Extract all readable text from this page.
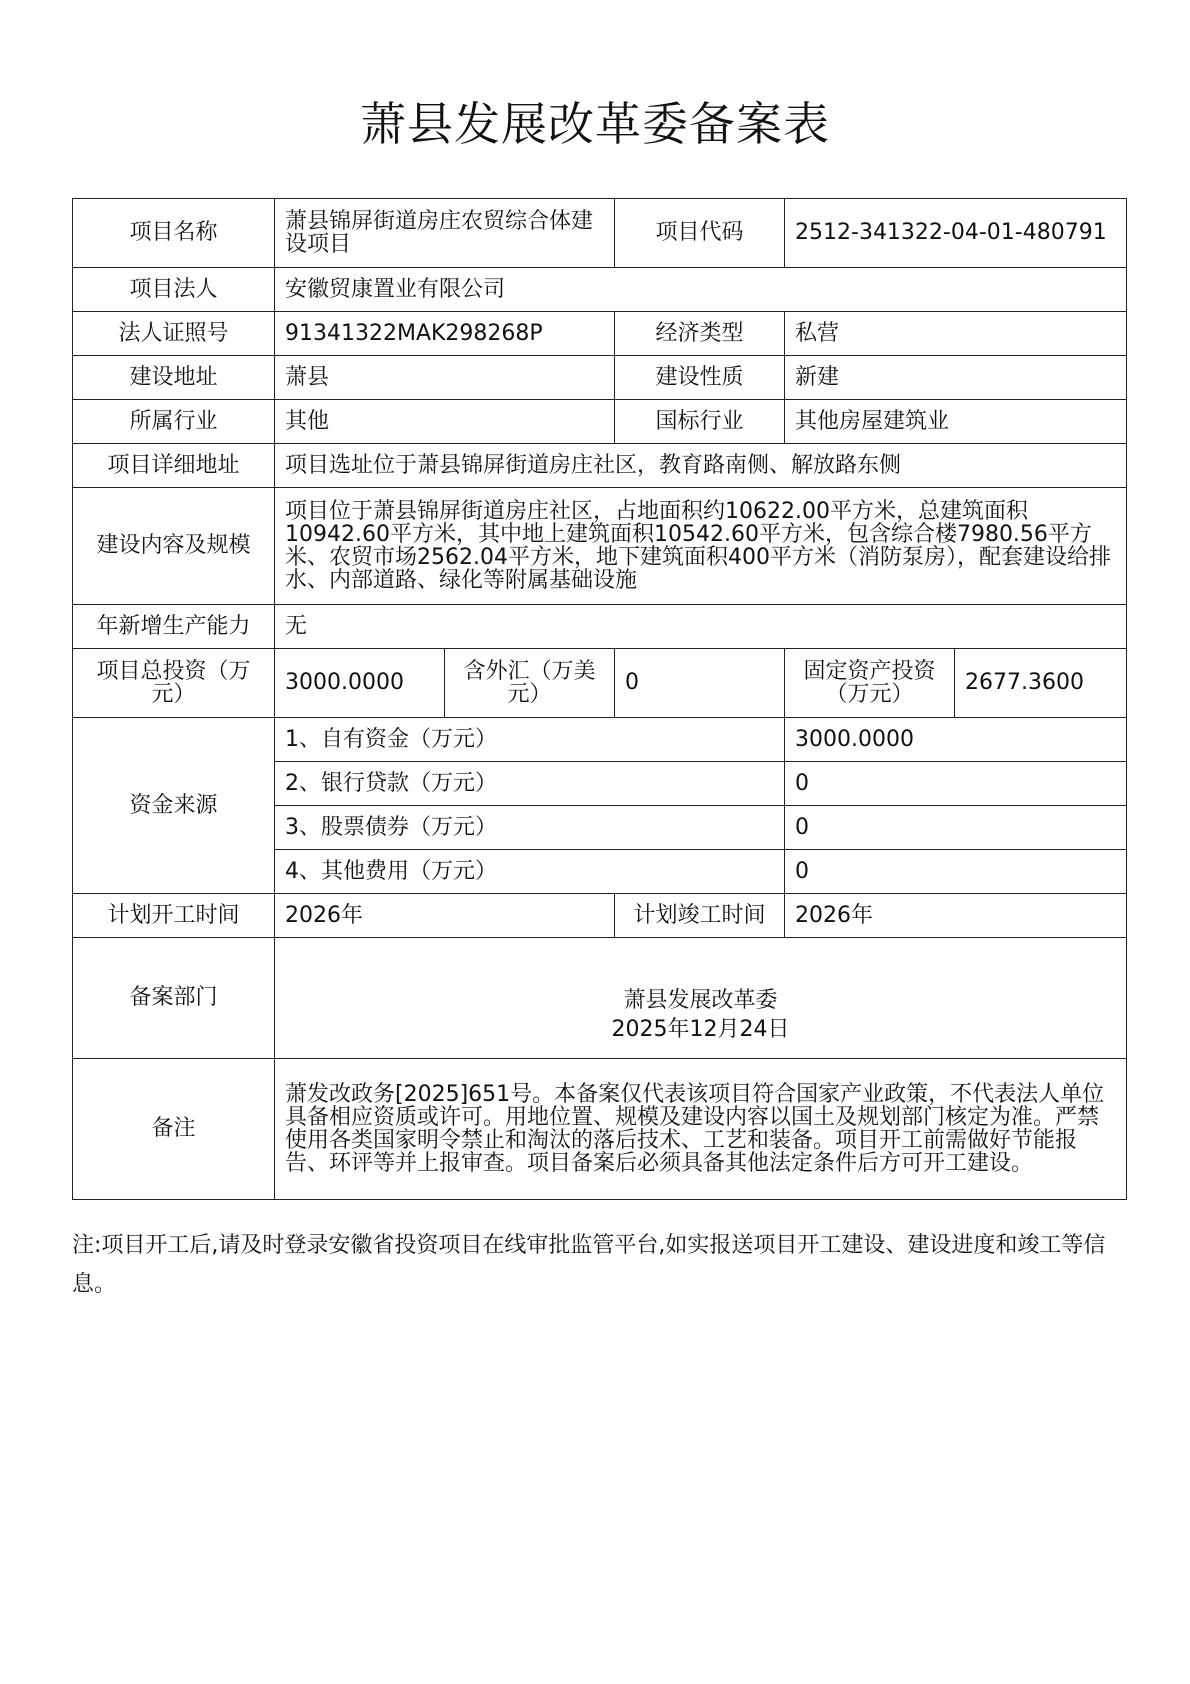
萧县发展改革委备案表
项目名称	萧县锦屏街道房庄农贸综合体建设项目		项目代码	2512-341322-04-01-480791	
项目法人	安徽贸康置业有限公司				
法人证照号	91341322MAK298268P		经济类型	私营	
建设地址	萧县		建设性质	新建	
所属行业	其他		国标行业	其他房屋建筑业	
项目详细地址	项目选址位于萧县锦屏街道房庄社区，教育路南侧、解放路东侧				
建设内容及规模	项目位于萧县锦屏街道房庄社区，占地面积约10622.00平方米，总建筑面积10942.60平方米，其中地上建筑面积10542.60平方米，包含综合楼7980.56平方米、农贸市场2562.04平方米，地下建筑面积400平方米（消防泵房），配套建设给排水、内部道路、绿化等附属基础设施				
年新增生产能力	无				
项目总投资（万元）	3000.0000	含外汇（万美元）	0	固定资产投资（万元）	2677.3600
资金来源	1、自有资金（万元）			3000.0000	
	2、银行贷款（万元）			0	
	3、股票债券（万元）			0	
	4、其他费用（万元）			0	
计划开工时间	2026年		计划竣工时间	2026年	
备案部门	萧县发展改革委
2025年12月24日				

备注	萧发改政务[2025]651号。本备案仅代表该项目符合国家产业政策，不代表法人单位具备相应资质或许可。用地位置、规模及建设内容以国土及规划部门核定为准。严禁使用各类国家明令禁止和淘汰的落后技术、工艺和装备。项目开工前需做好节能报告、环评等并上报审查。项目备案后必须具备其他法定条件后方可开工建设。				
注:项目开工后,请及时登录安徽省投资项目在线审批监管平台,如实报送项目开工建设、建设进度和竣工等信息。
